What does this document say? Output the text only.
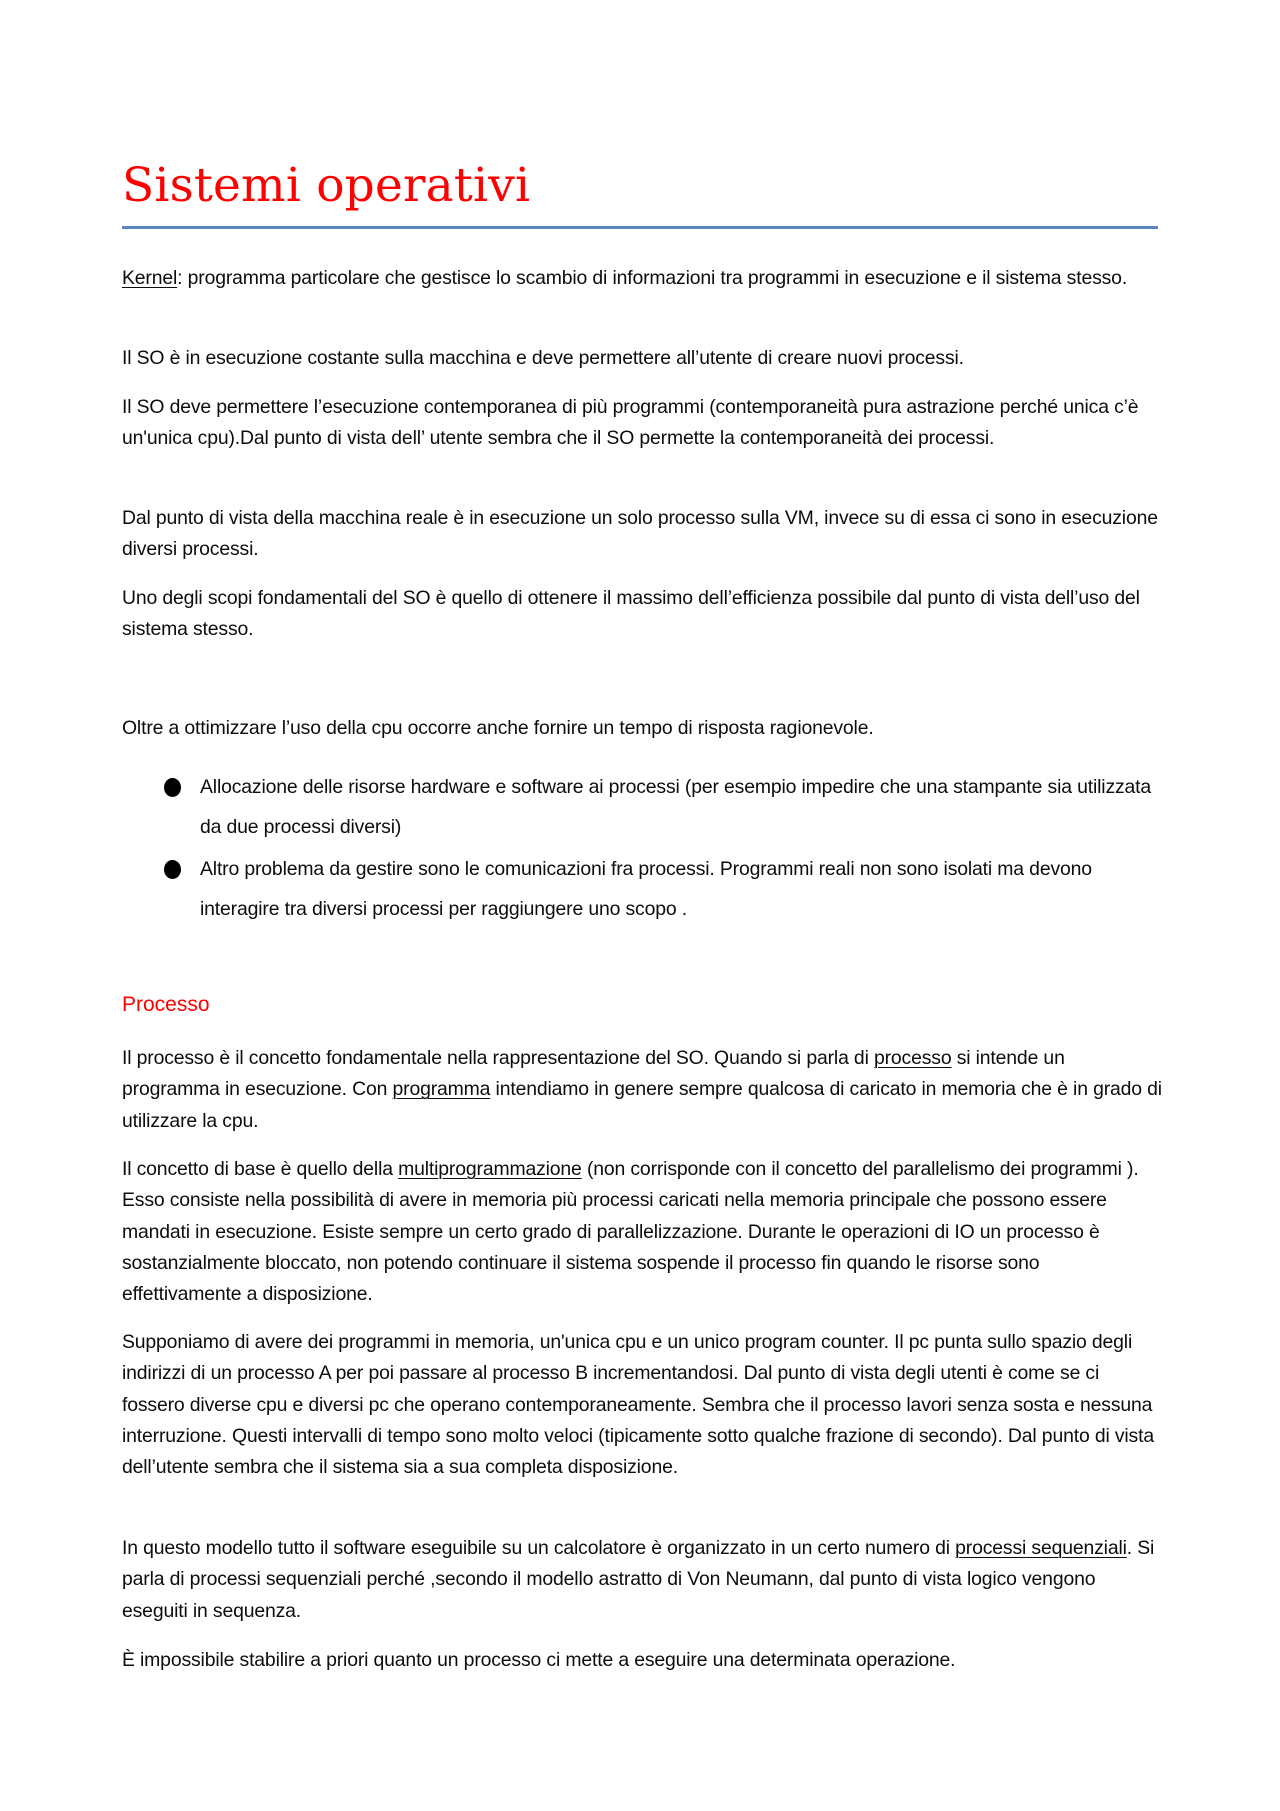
Sistemi operativi

Kernel: programma particolare che gestisce lo scambio di informazioni tra programmi in esecuzione e il sistema stesso.

Il SO è in esecuzione costante sulla macchina e deve permettere all’utente di creare nuovi processi.

Il SO deve permettere l’esecuzione contemporanea di più programmi (contemporaneità pura astrazione perché unica c’è un'unica cpu).Dal punto di vista dell’ utente sembra che il SO permette la contemporaneità dei processi.

Dal punto di vista della macchina reale è in esecuzione un solo processo sulla VM, invece su di essa ci sono in esecuzione diversi processi.

Uno degli scopi fondamentali del SO è quello di ottenere il massimo dell’efficienza possibile dal punto di vista dell’uso del sistema stesso.

Oltre a ottimizzare l’uso della cpu occorre anche fornire un tempo di risposta ragionevole.

Allocazione delle risorse hardware e software ai processi (per esempio impedire che una stampante sia utilizzata da due processi diversi)
Altro problema da gestire sono le comunicazioni fra processi. Programmi reali non sono isolati ma devono interagire tra diversi processi per raggiungere uno scopo .
Processo

Il processo è il concetto fondamentale nella rappresentazione del SO. Quando si parla di processo si intende un programma in esecuzione. Con programma intendiamo in genere sempre qualcosa di caricato in memoria che è in grado di utilizzare la cpu.

Il concetto di base è quello della multiprogrammazione (non corrisponde con il concetto del parallelismo dei programmi ). Esso consiste nella possibilità di avere in memoria più processi caricati nella memoria principale che possono essere mandati in esecuzione. Esiste sempre un certo grado di parallelizzazione. Durante le operazioni di IO un processo è sostanzialmente bloccato, non potendo continuare il sistema sospende il processo fin quando le risorse sono effettivamente a disposizione.

Supponiamo di avere dei programmi in memoria, un'unica cpu e un unico program counter. Il pc punta sullo spazio degli indirizzi di un processo A per poi passare al processo B incrementandosi. Dal punto di vista degli utenti è come se ci fossero diverse cpu e diversi pc che operano contemporaneamente. Sembra che il processo lavori senza sosta e nessuna interruzione. Questi intervalli di tempo sono molto veloci (tipicamente sotto qualche frazione di secondo). Dal punto di vista dell’utente sembra che il sistema sia a sua completa disposizione.

In questo modello tutto il software eseguibile su un calcolatore è organizzato in un certo numero di processi sequenziali. Si parla di processi sequenziali perché ,secondo il modello astratto di Von Neumann, dal punto di vista logico vengono eseguiti in sequenza.

È impossibile stabilire a priori quanto un processo ci mette a eseguire una determinata operazione.
